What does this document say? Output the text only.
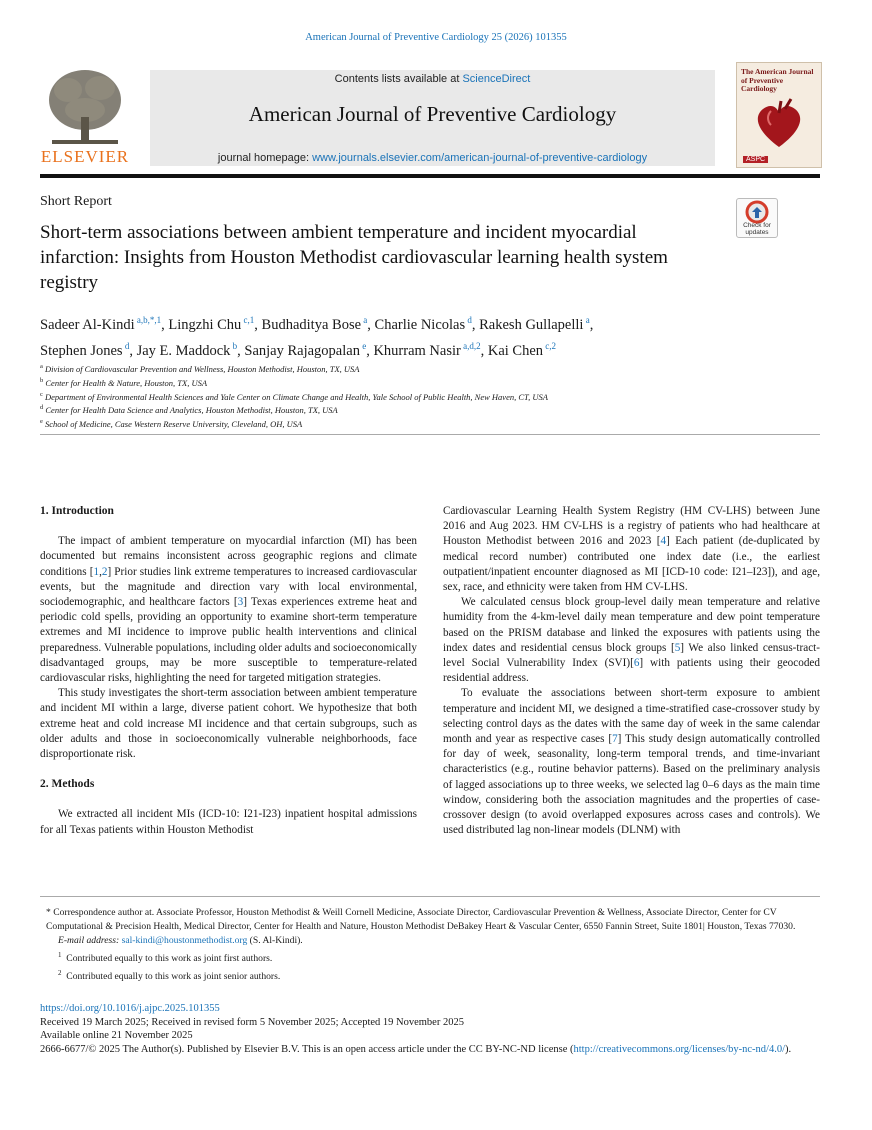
American Journal of Preventive Cardiology 25 (2026) 101355
ELSEVIER
Contents lists available at ScienceDirect
American Journal of Preventive Cardiology
journal homepage: www.journals.elsevier.com/american-journal-of-preventive-cardiology
The American Journal of Preventive Cardiology
ASPC
Short Report
Check for updates
Short-term associations between ambient temperature and incident myocardial infarction: Insights from Houston Methodist cardiovascular learning health system registry
Sadeer Al-Kindi $^{a,b,*,1}$, Lingzhi Chu $^{c,1}$, Budhaditya Bose $^a$, Charlie Nicolas $^d$, Rakesh Gullapelli $^a$,
Stephen Jones $^d$, Jay E. Maddock $^b$, Sanjay Rajagopalan $^e$, Khurram Nasir $^{a,d,2}$, Kai Chen $^{c,2}$
$^a$ Division of Cardiovascular Prevention and Wellness, Houston Methodist, Houston, TX, USA
$^b$ Center for Health & Nature, Houston, TX, USA
$^c$ Department of Environmental Health Sciences and Yale Center on Climate Change and Health, Yale School of Public Health, New Haven, CT, USA
$^d$ Center for Health Data Science and Analytics, Houston Methodist, Houston, TX, USA
$^e$ School of Medicine, Case Western Reserve University, Cleveland, OH, USA
1. Introduction

The impact of ambient temperature on myocardial infarction (MI) has been documented but remains inconsistent across geographic regions and climate conditions [1,2] Prior studies link extreme temperatures to increased cardiovascular events, but the magnitude and direction vary with local environmental, sociodemographic, and healthcare factors [3] Texas experiences extreme heat and periodic cold spells, providing an opportunity to examine short-term temperature extremes and MI incidence to improve public health interventions and clinical preparedness. Vulnerable populations, including older adults and socioeconomically disadvantaged groups, may be more susceptible to temperature-related cardiovascular risks, highlighting the need for targeted mitigation strategies.

This study investigates the short-term association between ambient temperature and incident MI within a large, diverse patient cohort. We hypothesize that both extreme heat and cold increase MI incidence and that certain subgroups, such as older adults and those in socioeconomically vulnerable neighborhoods, face disproportionate risk.

2. Methods

We extracted all incident MIs (ICD-10: I21-I23) inpatient hospital admissions for all Texas patients within Houston Methodist

Cardiovascular Learning Health System Registry (HM CV-LHS) between June 2016 and Aug 2023. HM CV-LHS is a registry of patients who had healthcare at Houston Methodist between 2016 and 2023 [4] Each patient (de-duplicated by medical record number) contributed one index date (i.e., the earliest outpatient/inpatient encounter diagnosed as MI [ICD-10 code: I21–I23]), and age, sex, race, and ethnicity were taken from HM CV-LHS.

We calculated census block group-level daily mean temperature and relative humidity from the 4-km-level daily mean temperature and dew point temperature based on the PRISM database and linked the exposures with patients using the index dates and residential census block groups [5] We also linked census-tract-level Social Vulnerability Index (SVI)[6] with patients using their geocoded residential address.

To evaluate the associations between short-term exposure to ambient temperature and incident MI, we designed a time-stratified case-crossover study by selecting control days as the dates with the same day of week in the same calendar month and year as respective cases [7] This study design automatically controlled for day of week, seasonality, long-term temporal trends, and time-invariant characteristics (e.g., routine behavior patterns). Based on the preliminary analysis of lagged associations up to three weeks, we selected lag 0–6 days as the main time window, considering both the association magnitudes and the properties of case-crossover design (to avoid overlapped exposures across cases and controls). We used distributed lag non-linear models (DLNM) with

* Correspondence author at. Associate Professor, Houston Methodist & Weill Cornell Medicine, Associate Director, Cardiovascular Prevention & Wellness, Associate Director, Center for CV Computational & Precision Health, Medical Director, Center for Health and Nature, Houston Methodist DeBakey Heart & Vascular Center, 6550 Fannin Street, Suite 1801| Houston, Texas 77030.

E-mail address: sal-kindi@houstonmethodist.org (S. Al-Kindi).

$^1$ Contributed equally to this work as joint first authors.

$^2$ Contributed equally to this work as joint senior authors.

https://doi.org/10.1016/j.ajpc.2025.101355

Received 19 March 2025; Received in revised form 5 November 2025; Accepted 19 November 2025

Available online 21 November 2025

2666-6677/© 2025 The Author(s). Published by Elsevier B.V. This is an open access article under the CC BY-NC-ND license (http://creativecommons.org/licenses/by-nc-nd/4.0/).
